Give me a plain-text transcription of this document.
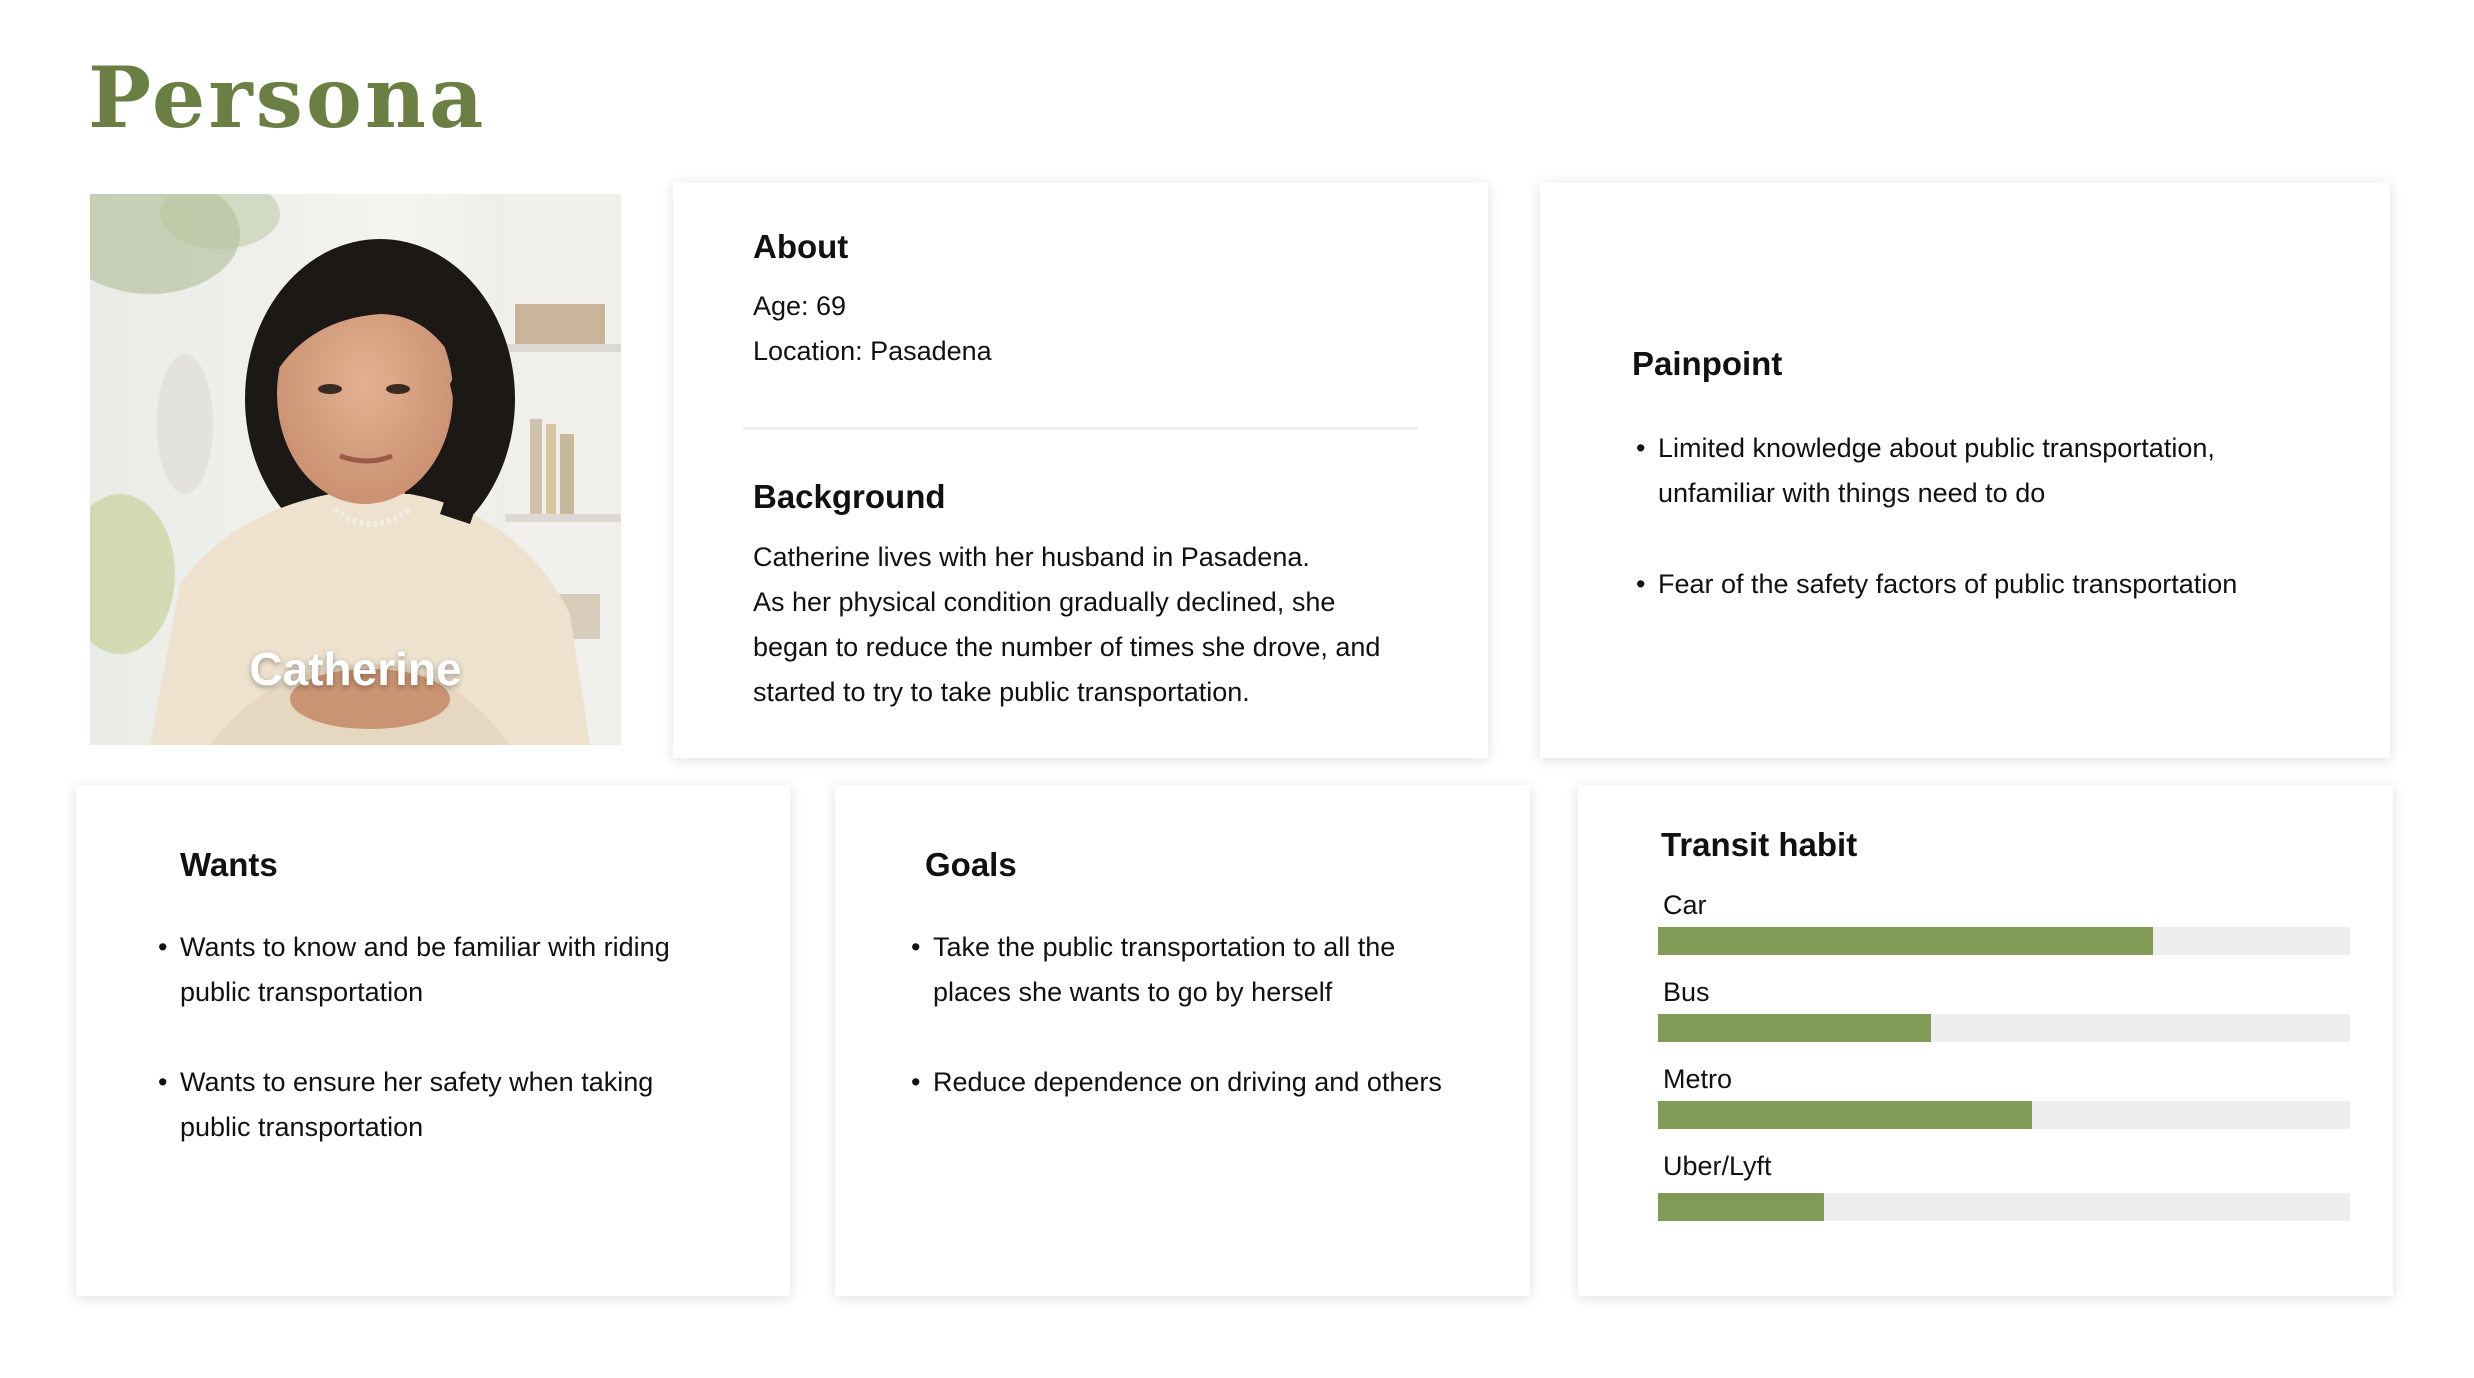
Persona
Catherine
About

Age: 69

Location: Pasadena

Background

Catherine lives with her husband in Pasadena.

As her physical condition gradually declined, she

began to reduce the number of times she drove, and

started to try to take public transportation.

Painpoint

• Limited knowledge about public transportation, unfamiliar with things need to do

• Fear of the safety factors of public transportation

Wants

• Wants to know and be familiar with riding public transportation

• Wants to ensure her safety when taking public transportation

Goals

• Take the public transportation to all the places she wants to go by herself

• Reduce dependence on driving and others

Transit habit
Car
Bus
Metro
Uber/Lyft
